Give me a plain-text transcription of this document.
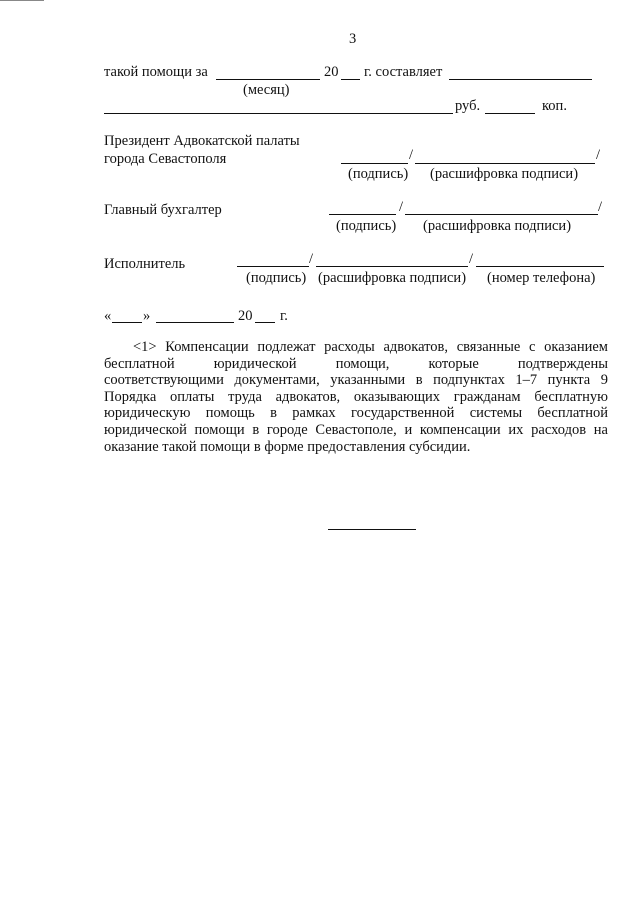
3
такой помощи за	20 г. составляет
(месяц)
руб.	коп.
Президент Адвокатской палаты
города Севастополя	/	/
(подпись) (расшифровка подписи)
Главный бухгалтер	/	/
(подпись) (расшифровка подписи)
Исполнитель	/	/
(подпись) (расшифровка подписи) (номер телефона)
« »	20 г.
<1> Компенсации подлежат расходы адвокатов, связанные с оказанием
бесплатной юридической помощи, которые подтверждены
соответствующими документами, указанными в подпунктах 1–7 пункта 9
Порядка оплаты труда адвокатов, оказывающих гражданам бесплатную
юридическую помощь в рамках государственной системы бесплатной
юридической помощи в городе Севастополе, и компенсации их расходов на
оказание такой помощи в форме предоставления субсидии.
